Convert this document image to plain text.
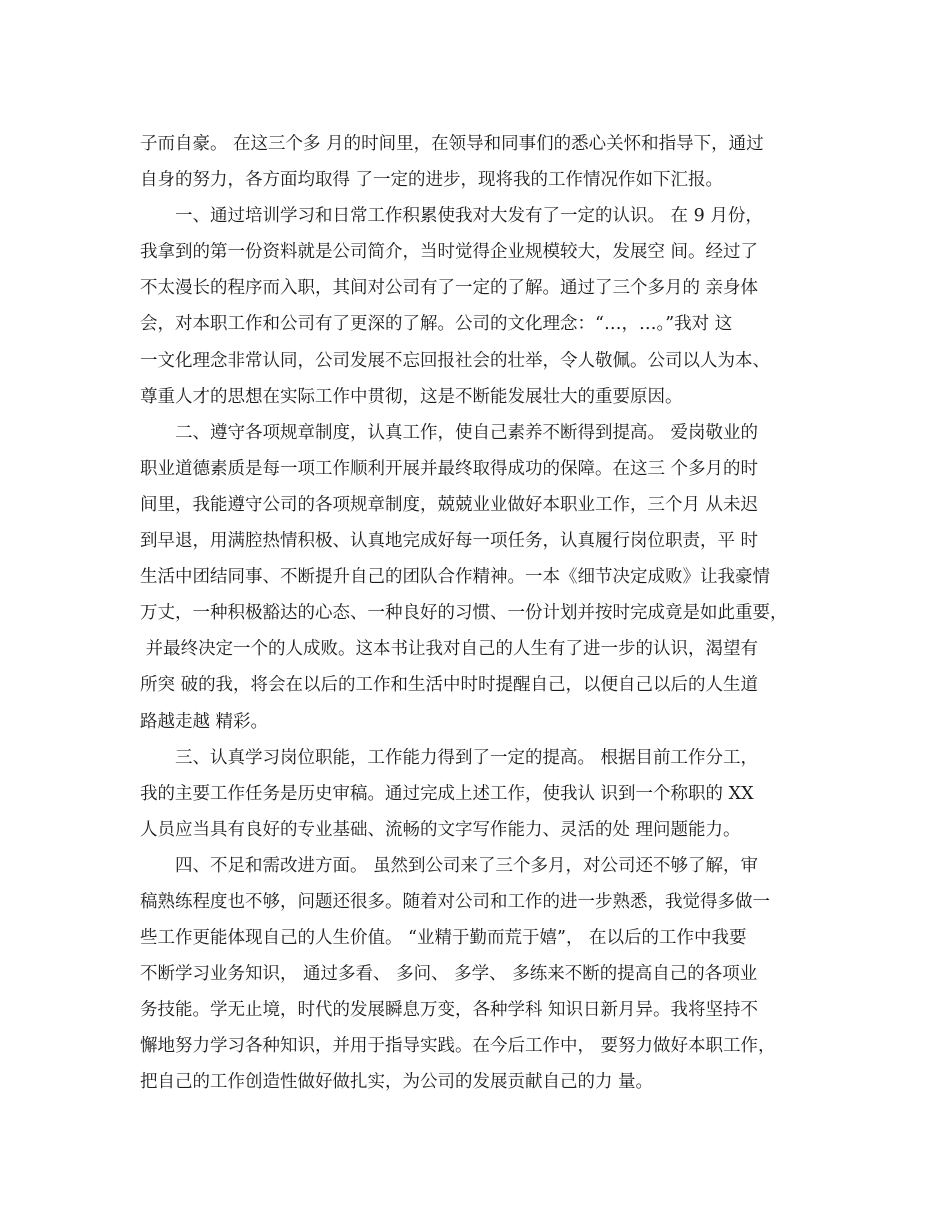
子而自豪。 在这三个多 月的时间里，在领导和同事们的悉心关怀和指导下，通过
自身的努力，各方面均取得 了一定的进步，现将我的工作情况作如下汇报。
一、通过培训学习和日常工作积累使我对大发有了一定的认识。 在 9 月份，
我拿到的第一份资料就是公司简介，当时觉得企业规模较大，发展空 间。经过了
不太漫长的程序而入职，其间对公司有了一定的了解。通过了三个多月的 亲身体
会，对本职工作和公司有了更深的了解。公司的文化理念：“…，…。”我对 这
一文化理念非常认同，公司发展不忘回报社会的壮举，令人敬佩。公司以人为本、
尊重人才的思想在实际工作中贯彻，这是不断能发展壮大的重要原因。
二、遵守各项规章制度，认真工作，使自己素养不断得到提高。 爱岗敬业的
职业道德素质是每一项工作顺利开展并最终取得成功的保障。在这三 个多月的时
间里，我能遵守公司的各项规章制度，兢兢业业做好本职业工作，三个月 从未迟
到早退，用满腔热情积极、认真地完成好每一项任务，认真履行岗位职责，平 时
生活中团结同事、不断提升自己的团队合作精神。一本《细节决定成败》让我豪情
万丈，一种积极豁达的心态、一种良好的习惯、一份计划并按时完成竟是如此重要，
并最终决定一个的人成败。这本书让我对自己的人生有了进一步的认识，渴望有
所突 破的我，将会在以后的工作和生活中时时提醒自己，以便自己以后的人生道
路越走越 精彩。
三、认真学习岗位职能，工作能力得到了一定的提高。 根据目前工作分工，
我的主要工作任务是历史审稿。通过完成上述工作，使我认 识到一个称职的 XX
人员应当具有良好的专业基础、流畅的文字写作能力、灵活的处 理问题能力。
四、不足和需改进方面。 虽然到公司来了三个多月，对公司还不够了解，审
稿熟练程度也不够，问题还很多。随着对公司和工作的进一步熟悉，我觉得多做一
些工作更能体现自己的人生价值。 “业精于勤而荒于嬉”， 在以后的工作中我要
不断学习业务知识， 通过多看、 多问、 多学、 多练来不断的提高自己的各项业
务技能。学无止境，时代的发展瞬息万变，各种学科 知识日新月异。我将坚持不
懈地努力学习各种知识，并用于指导实践。在今后工作中， 要努力做好本职工作，
把自己的工作创造性做好做扎实，为公司的发展贡献自己的力 量。
